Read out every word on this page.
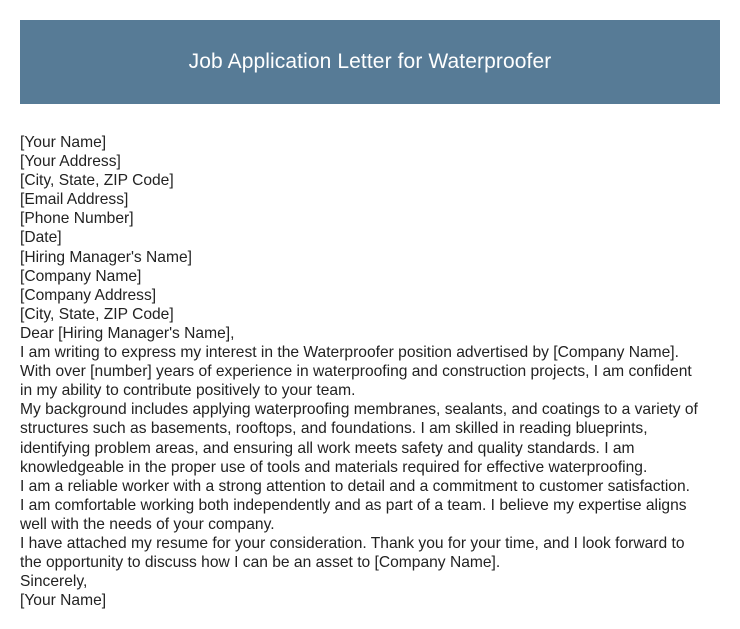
Job Application Letter for Waterproofer
[Your Name]
[Your Address]
[City, State, ZIP Code]
[Email Address]
[Phone Number]
[Date]
[Hiring Manager's Name]
[Company Name]
[Company Address]
[City, State, ZIP Code]
Dear [Hiring Manager's Name],
I am writing to express my interest in the Waterproofer position advertised by [Company Name].
With over [number] years of experience in waterproofing and construction projects, I am confident
in my ability to contribute positively to your team.
My background includes applying waterproofing membranes, sealants, and coatings to a variety of
structures such as basements, rooftops, and foundations. I am skilled in reading blueprints,
identifying problem areas, and ensuring all work meets safety and quality standards. I am
knowledgeable in the proper use of tools and materials required for effective waterproofing.
I am a reliable worker with a strong attention to detail and a commitment to customer satisfaction.
I am comfortable working both independently and as part of a team. I believe my expertise aligns
well with the needs of your company.
I have attached my resume for your consideration. Thank you for your time, and I look forward to
the opportunity to discuss how I can be an asset to [Company Name].
Sincerely,
[Your Name]
